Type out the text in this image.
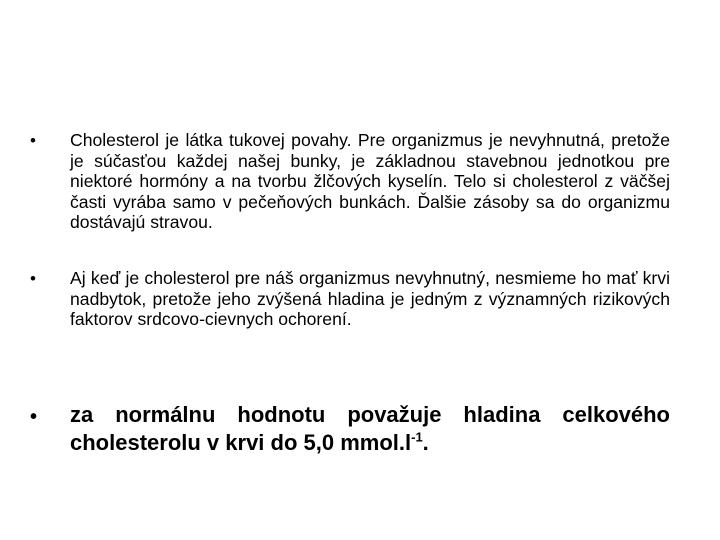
•	Cholesterol je látka tukovej povahy. Pre organizmus je nevyhnutná, pretože je súčasťou každej našej bunky, je základnou stavebnou jednotkou pre niektoré hormóny a na tvorbu žlčových kyselín. Telo si cholesterol z väčšej časti vyrába samo v pečeňových bunkách. Ďalšie zásoby sa do organizmu dostávajú stravou.
•	Aj keď je cholesterol pre náš organizmus nevyhnutný, nesmieme ho mať krvi nadbytok, pretože jeho zvýšená hladina je jedným z významných rizikových faktorov srdcovo-cievnych ochorení.
•	za normálnu hodnotu považuje hladina celkového cholesterolu v krvi do 5,0 $mmol.l^{-1}$.
